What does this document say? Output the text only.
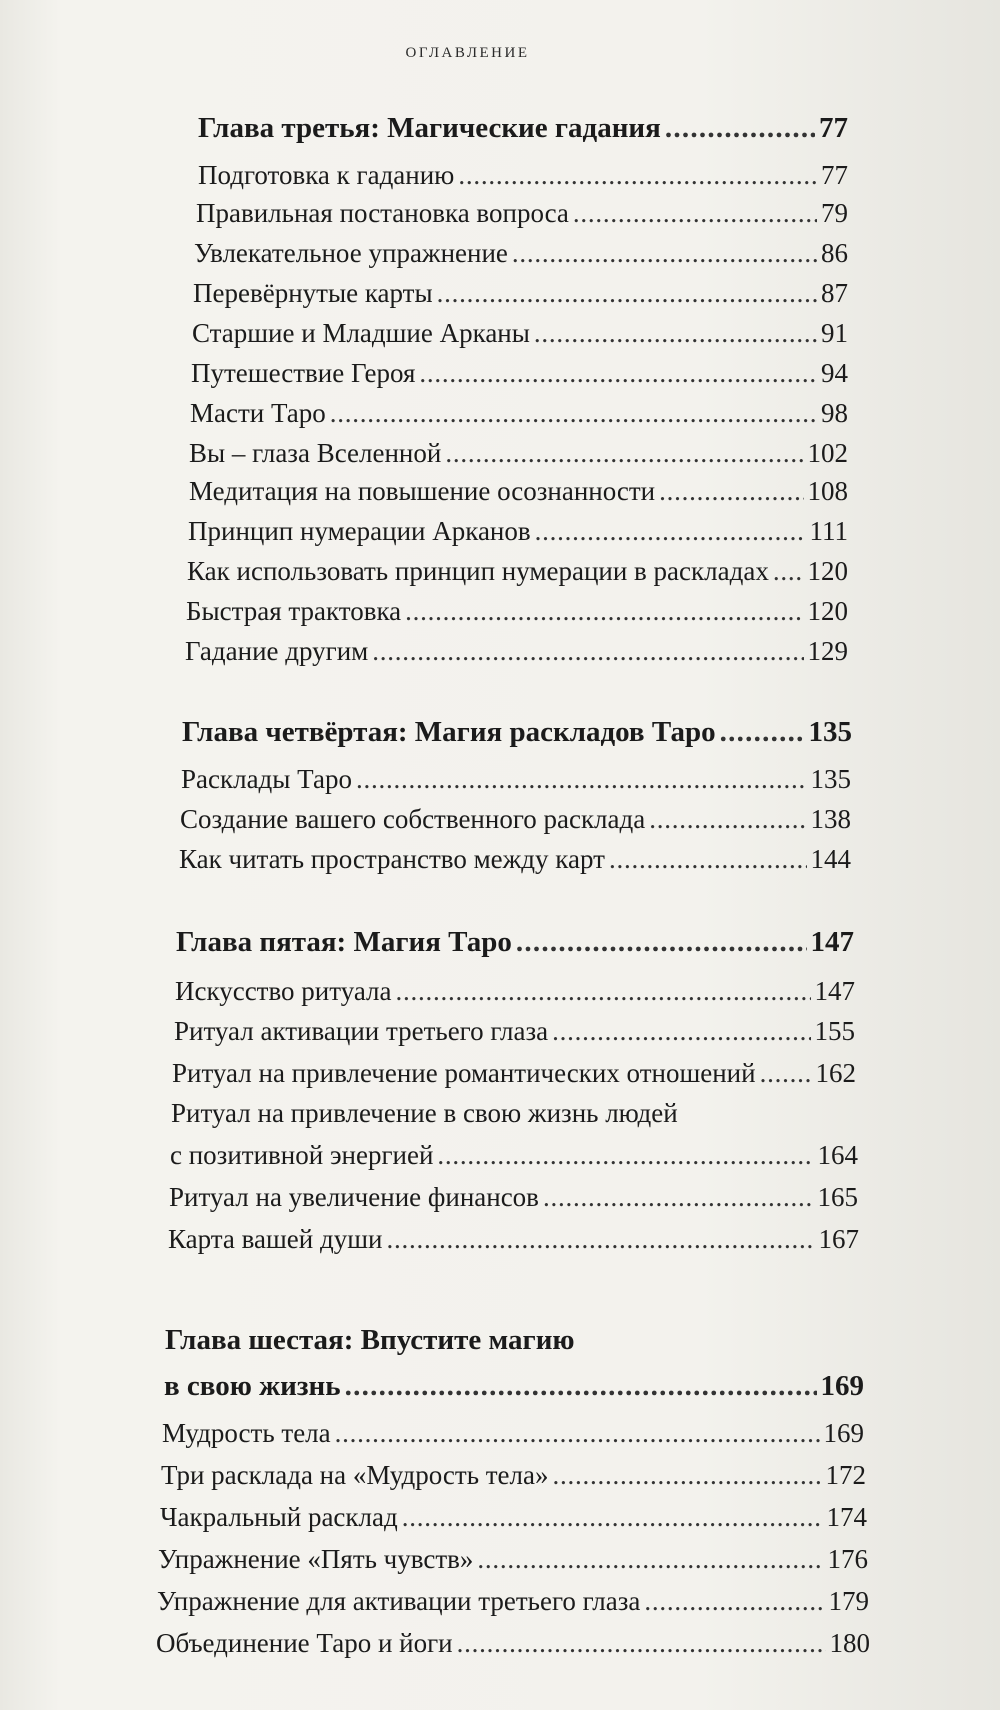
оглавление
Глава третья: Магические гадания . . .	77
Подготовка к гаданию . . .	77
Правильная постановка вопроса . . .	79
Увлекательное упражнение . . .	86
Перевёрнутые карты . . .	87
Старшие и Младшие Арканы . . .	91
Путешествие Героя . . .	94
Масти Таро . . .	98
Вы – глаза Вселенной . . .	102
Медитация на повышение осознанности . . .	108
Принцип нумерации Арканов . . .	111
Как использовать принцип нумерации в раскладах . . . 120
Быстрая трактовка . . .	120
Гадание другим . . .	129
Глава четвёртая: Магия раскладов Таро . . .	135
Расклады Таро . . .	135
Создание вашего собственного расклада . . .	138
Как читать пространство между карт . . .	144
Глава пятая: Магия Таро . . .	147
Искусство ритуала . . .	147
Ритуал активации третьего глаза . . .	155
Ритуал на привлечение романтических отношений . . . 162
Ритуал на привлечение в свою жизнь людей
с позитивной энергией . . .	164
Ритуал на увеличение финансов . . .	165
Карта вашей души . . .	167
Глава шестая: Впустите магию
в свою жизнь . . .	169
Мудрость тела . . .	169
Три расклада на «Мудрость тела» . . .	172
Чакральный расклад . . .	174
Упражнение «Пять чувств» . . .	176
Упражнение для активации третьего глаза . . .	179
Объединение Таро и йоги . . .	180
